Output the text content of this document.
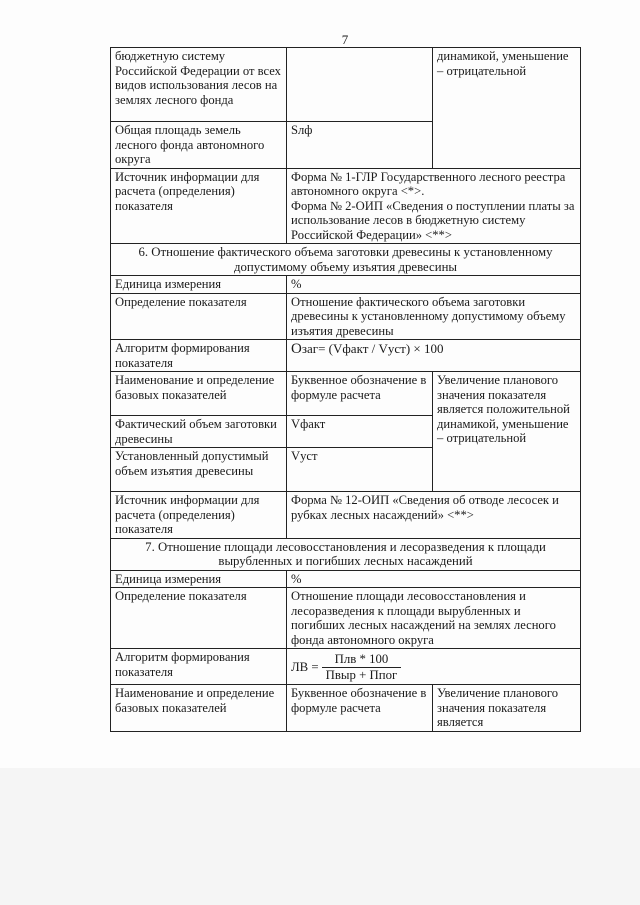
7
бюджетную систему Российской Федерации от всех видов использования лесов на землях лесного фонда		динамикой, уменьшение – отрицательной
Общая площадь земель лесного фонда автономного округа	Sлф	
Источник информации для расчета (определения) показателя	Форма № 1-ГЛР Государственного лесного реестра автономного округа <*>.
Форма № 2-ОИП «Сведения о поступлении платы за использование лесов в бюджетную систему Российской Федерации» <**>	

6. Отношение фактического объема заготовки древесины к установленному допустимому объему изъятия древесины		
Единица измерения	%	
Определение показателя	Отношение фактического объема заготовки древесины к установленному допустимому объему изъятия древесины	
Алгоритм формирования показателя	Oзаг= (Vфакт / Vуст) × 100	
Наименование и определение базовых показателей	Буквенное обозначение в формуле расчета	Увеличение планового значения показателя является положительной динамикой, уменьшение – отрицательной
Фактический объем заготовки древесины	Vфакт	
Установленный допустимый объем изъятия древесины	Vуст	
Источник информации для расчета (определения) показателя	Форма № 12-ОИП «Сведения об отводе лесосек и рубках лесных насаждений» <**>	
7. Отношение площади лесовосстановления и лесоразведения к площади вырубленных и погибших лесных насаждений		
Единица измерения	%	
Определение показателя	Отношение площади лесовосстановления и лесоразведения к площади вырубленных и погибших лесных насаждений на землях лесного фонда автономного округа	
Алгоритм формирования показателя	ЛВ = $\frac{\text{Плв * 100}}{\text{Пвыр + Ппог}}$

Наименование и определение базовых показателей	Буквенное обозначение в формуле расчета	Увеличение планового значения показателя является
